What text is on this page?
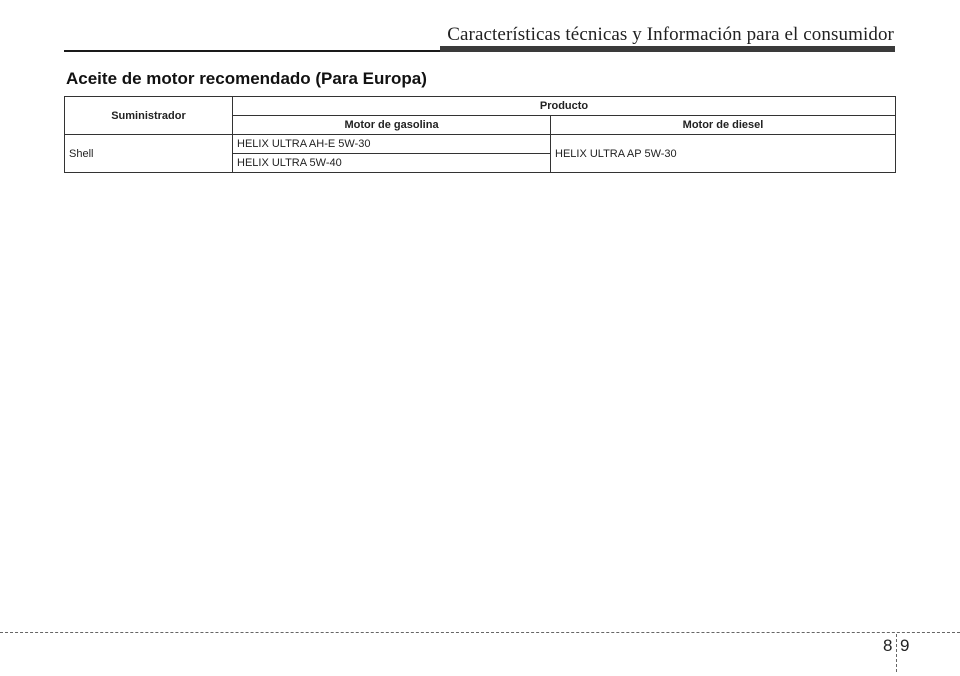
Características técnicas y Información para el consumidor
Aceite de motor recomendado (Para Europa)
Suministrador	Producto	
	Motor de gasolina	Motor de diesel
Shell	HELIX ULTRA AH-E 5W-30	HELIX ULTRA AP 5W-30
	HELIX ULTRA 5W-40	
8 9
